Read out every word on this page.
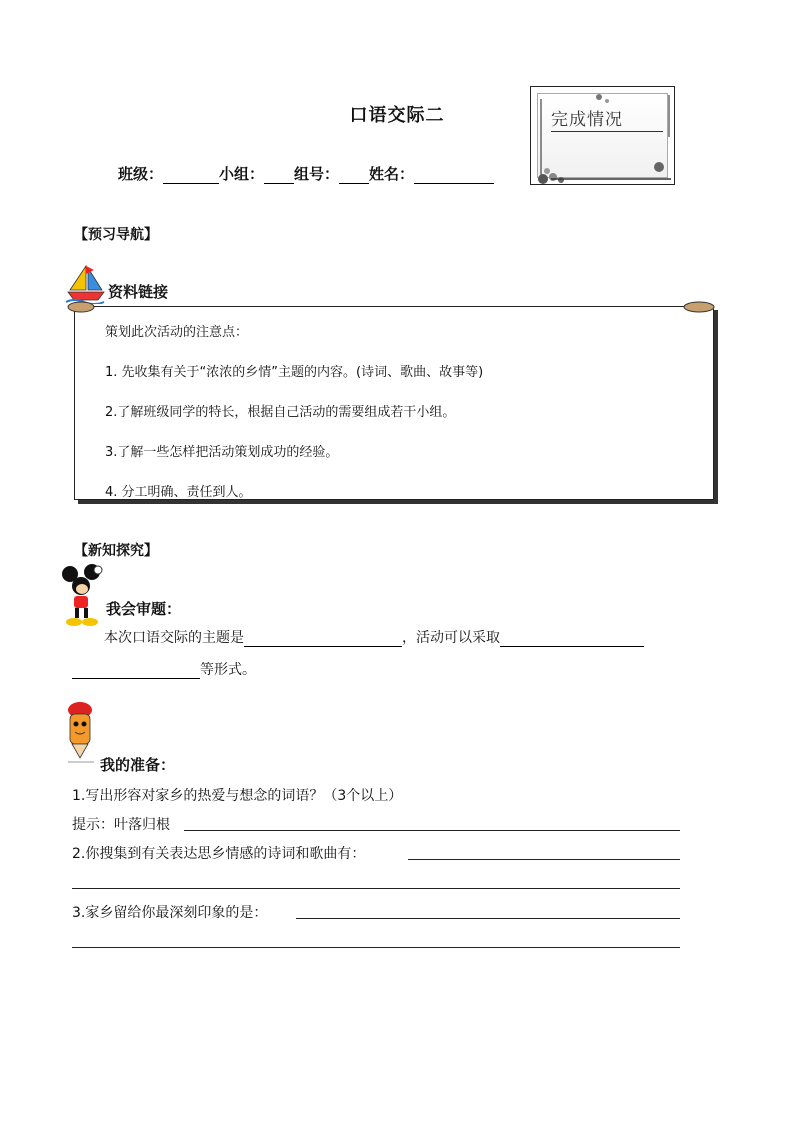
口语交际二
班级：	小组： 组号： 姓名：
完成情况
【预习导航】
资料链接
策划此次活动的注意点：
1. 先收集有关于“浓浓的乡情”主题的内容。(诗词、歌曲、故事等)
2.了解班级同学的特长，根据自己活动的需要组成若干小组。
3.了解一些怎样把活动策划成功的经验。
4. 分工明确、责任到人。
【新知探究】
我会审题：
本次口语交际的主题是	，活动可以采取
等形式。
我的准备：
1.写出形容对家乡的热爱与想念的词语？（3个以上）
提示：叶落归根
2.你搜集到有关表达思乡情感的诗词和歌曲有：
3.家乡留给你最深刻印象的是：
